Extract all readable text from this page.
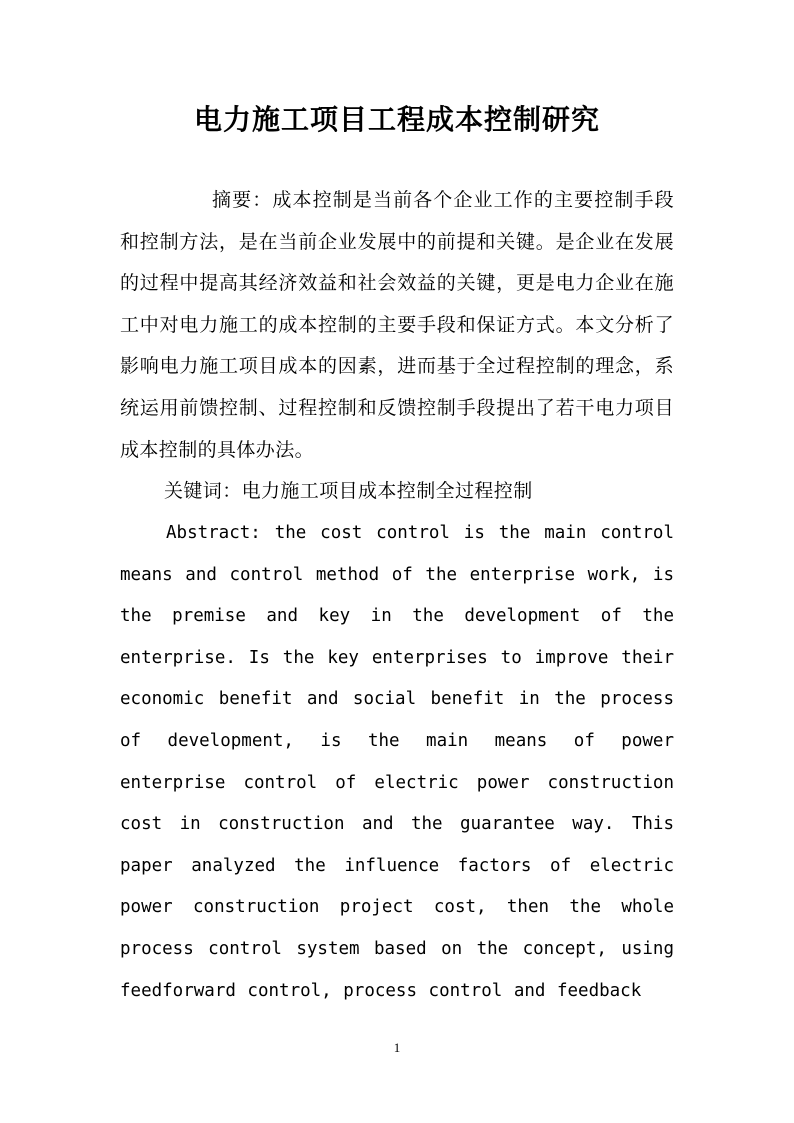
电力施工项目工程成本控制研究

摘要：成本控制是当前各个企业工作的主要控制手段和控制方法，是在当前企业发展中的前提和关键。是企业在发展的过程中提高其经济效益和社会效益的关键，更是电力企业在施工中对电力施工的成本控制的主要手段和保证方式。本文分析了影响电力施工项目成本的因素，进而基于全过程控制的理念，系统运用前馈控制、过程控制和反馈控制手段提出了若干电力项目成本控制的具体办法。

关键词：电力施工项目成本控制全过程控制

Abstract: the cost control is the main control means and control method of the enterprise work, is the premise and key in the development of the enterprise. Is the key enterprises to improve their economic benefit and social benefit in the process of development, is the main means of power enterprise control of electric power construction cost in construction and the guarantee way. This paper analyzed the influence factors of electric power construction project cost, then the whole process control system based on the concept, using feedforward control, process control and feedback

1
